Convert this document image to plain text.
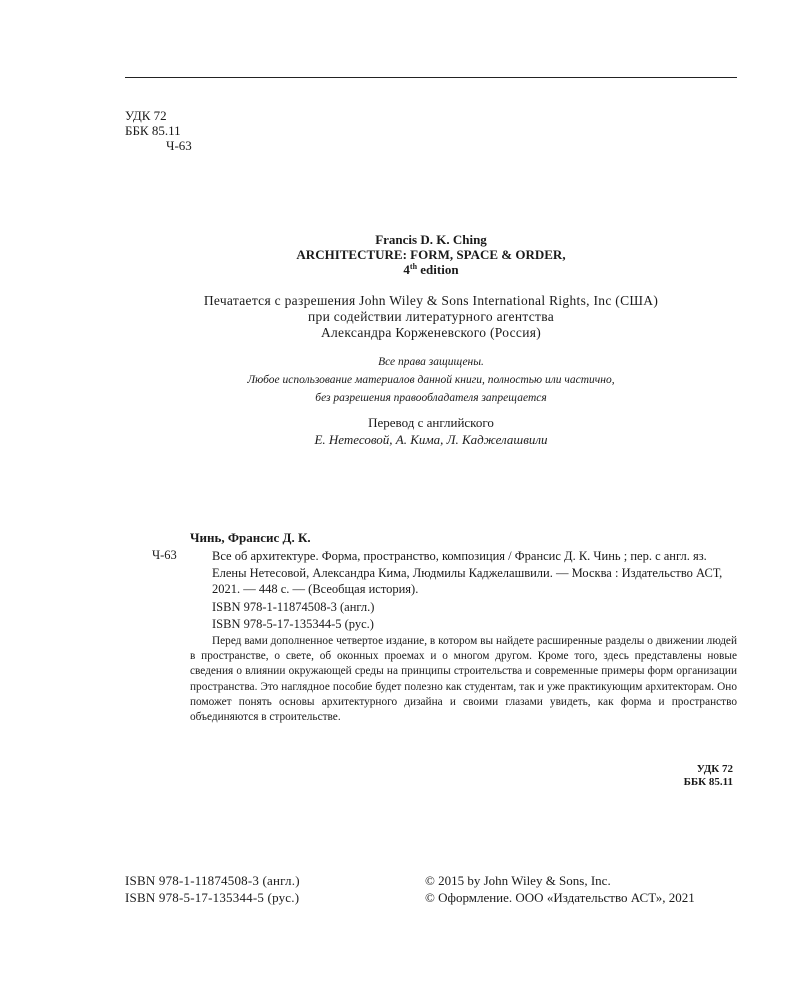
УДК 72
ББК 85.11
Ч-63
Francis D. K. Ching
ARCHITECTURE: FORM, SPACE & ORDER,
4th edition
Печатается с разрешения John Wiley & Sons International Rights, Inc (США)
при содействии литературного агентства
Александра Корженевского (Россия)
Все права защищены.
Любое использование материалов данной книги, полностью или частично,
без разрешения правообладателя запрещается
Перевод с английского
Е. Нетесовой, А. Кима, Л. Каджелашвили
Чинь, Франсис Д. К.
Ч-63	Все об архитектуре. Форма, пространство, композиция / Франсис Д. К. Чинь ; пер. с англ. яз. Елены Нетесовой, Александра Кима, Людмилы Каджелашвили. — Москва : Издательство АСТ, 2021. — 448 с. — (Всеобщая история).
ISBN 978-1-11874508-3 (англ.)
ISBN 978-5-17-135344-5 (рус.)

Перед вами дополненное четвертое издание, в котором вы найдете расширенные разделы о движении людей в пространстве, о свете, об оконных проемах и о многом другом. Кроме того, здесь представлены новые сведения о влиянии окружающей среды на принципы строительства и современные примеры форм организации пространства. Это наглядное пособие будет полезно как студентам, так и уже практикующим архитекторам. Оно поможет понять основы архитектурного дизайна и своими глазами увидеть, как форма и пространство объединяются в строительстве.

УДК 72
ББК 85.11
ISBN 978-1-11874508-3 (англ.)
ISBN 978-5-17-135344-5 (рус.)
© 2015 by John Wiley & Sons, Inc.
© Оформление. ООО «Издательство АСТ», 2021
